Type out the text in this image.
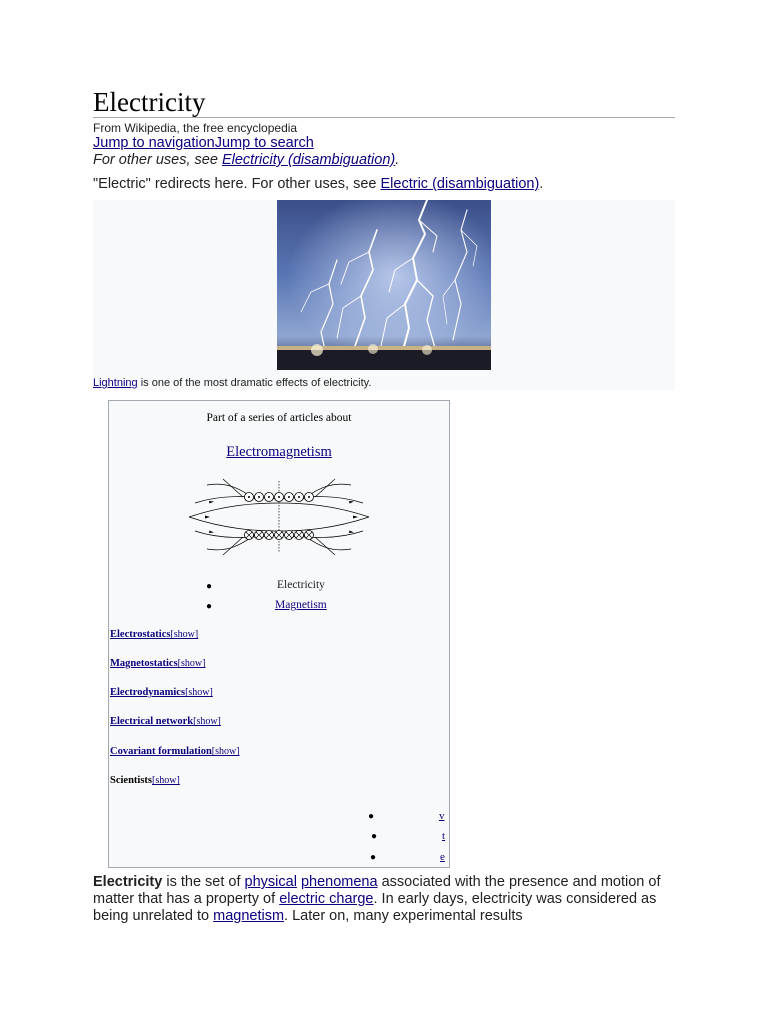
Electricity
From Wikipedia, the free encyclopedia
Jump to navigationJump to search
For other uses, see Electricity (disambiguation).
"Electric" redirects here. For other uses, see Electric (disambiguation).
Lightning is one of the most dramatic effects of electricity.
Part of a series of articles about
Electromagnetism
●	Electricity
●	Magnetism
Electrostatics[show]
Magnetostatics[show]
Electrodynamics[show]
Electrical network[show]
Covariant formulation[show]
Scientists[show]
●	v
●	t
●	e

Electricity is the set of physical phenomena associated with the presence and motion of matter that has a property of electric charge. In early days, electricity was considered as being unrelated to magnetism. Later on, many experimental results
